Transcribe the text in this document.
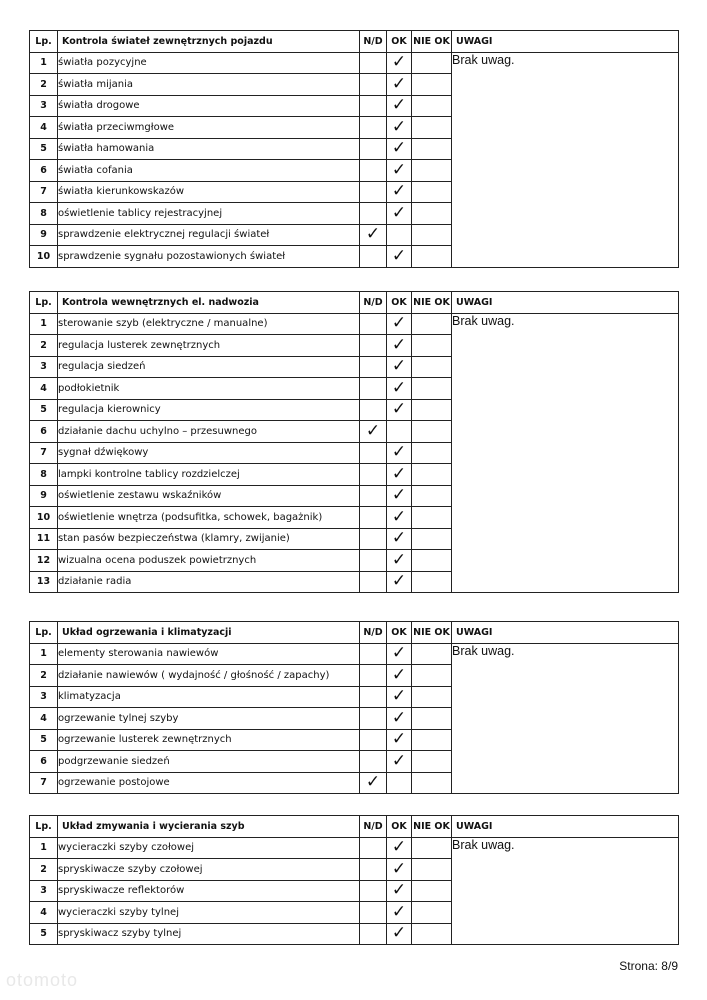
Lp.	Kontrola świateł zewnętrznych pojazdu	N/D	OK	NIE OK	UWAGI
1	światła pozycyjne		✓		Brak uwag.
2	światła mijania		✓		
3	światła drogowe		✓		
4	światła przeciwmgłowe		✓		
5	światła hamowania		✓		
6	światła cofania		✓		
7	światła kierunkowskazów		✓		
8	oświetlenie tablicy rejestracyjnej		✓		
9	sprawdzenie elektrycznej regulacji świateł	✓			
10	sprawdzenie sygnału pozostawionych świateł		✓		
Lp.	Kontrola wewnętrznych el. nadwozia	N/D	OK	NIE OK	UWAGI
1	sterowanie szyb (elektryczne / manualne)		✓		Brak uwag.
2	regulacja lusterek zewnętrznych		✓		
3	regulacja siedzeń		✓		
4	podłokietnik		✓		
5	regulacja kierownicy		✓		
6	działanie dachu uchylno – przesuwnego	✓			
7	sygnał dźwiękowy		✓		
8	lampki kontrolne tablicy rozdzielczej		✓		
9	oświetlenie zestawu wskaźników		✓		
10	oświetlenie wnętrza (podsufitka, schowek, bagażnik)		✓		
11	stan pasów bezpieczeństwa (klamry, zwijanie)		✓		
12	wizualna ocena poduszek powietrznych		✓		
13	działanie radia		✓		
Lp.	Układ ogrzewania i klimatyzacji	N/D	OK	NIE OK	UWAGI
1	elementy sterowania nawiewów		✓		Brak uwag.
2	działanie nawiewów ( wydajność / głośność / zapachy)		✓		
3	klimatyzacja		✓		
4	ogrzewanie tylnej szyby		✓		
5	ogrzewanie lusterek zewnętrznych		✓		
6	podgrzewanie siedzeń		✓		
7	ogrzewanie postojowe	✓			
Lp.	Układ zmywania i wycierania szyb	N/D	OK	NIE OK	UWAGI
1	wycieraczki szyby czołowej		✓		Brak uwag.
2	spryskiwacze szyby czołowej		✓		
3	spryskiwacze reflektorów		✓		
4	wycieraczki szyby tylnej		✓		
5	spryskiwacz szyby tylnej		✓		
Strona: 8/9
otomoto
